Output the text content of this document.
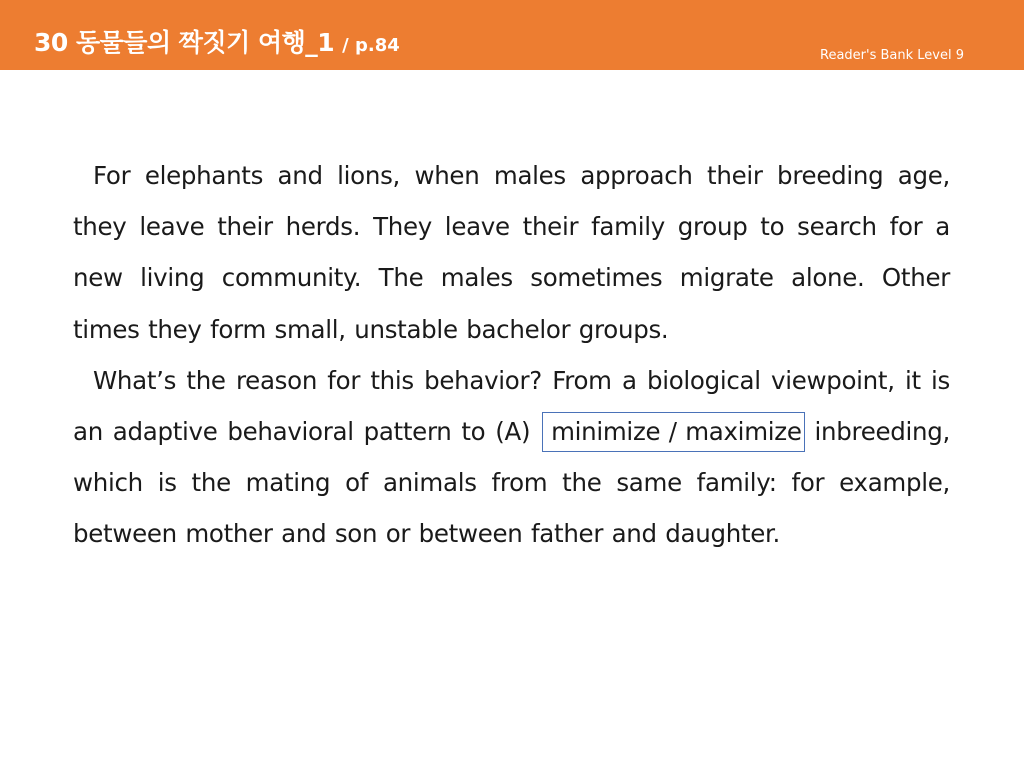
30 동물들의 짝짓기 여행_1 / p.84	Reader's Bank Level 9

For elephants and lions, when males approach their breeding age, they leave their herds. They leave their family group to search for a new living community. The males sometimes migrate alone. Other times they form small, unstable bachelor groups.

What’s the reason for this behavior? From a biological viewpoint, it is an adaptive behavioral pattern to (A) minimize / maximize inbreeding, which is the mating of animals from the same family: for example, between mother and son or between father and daughter.
